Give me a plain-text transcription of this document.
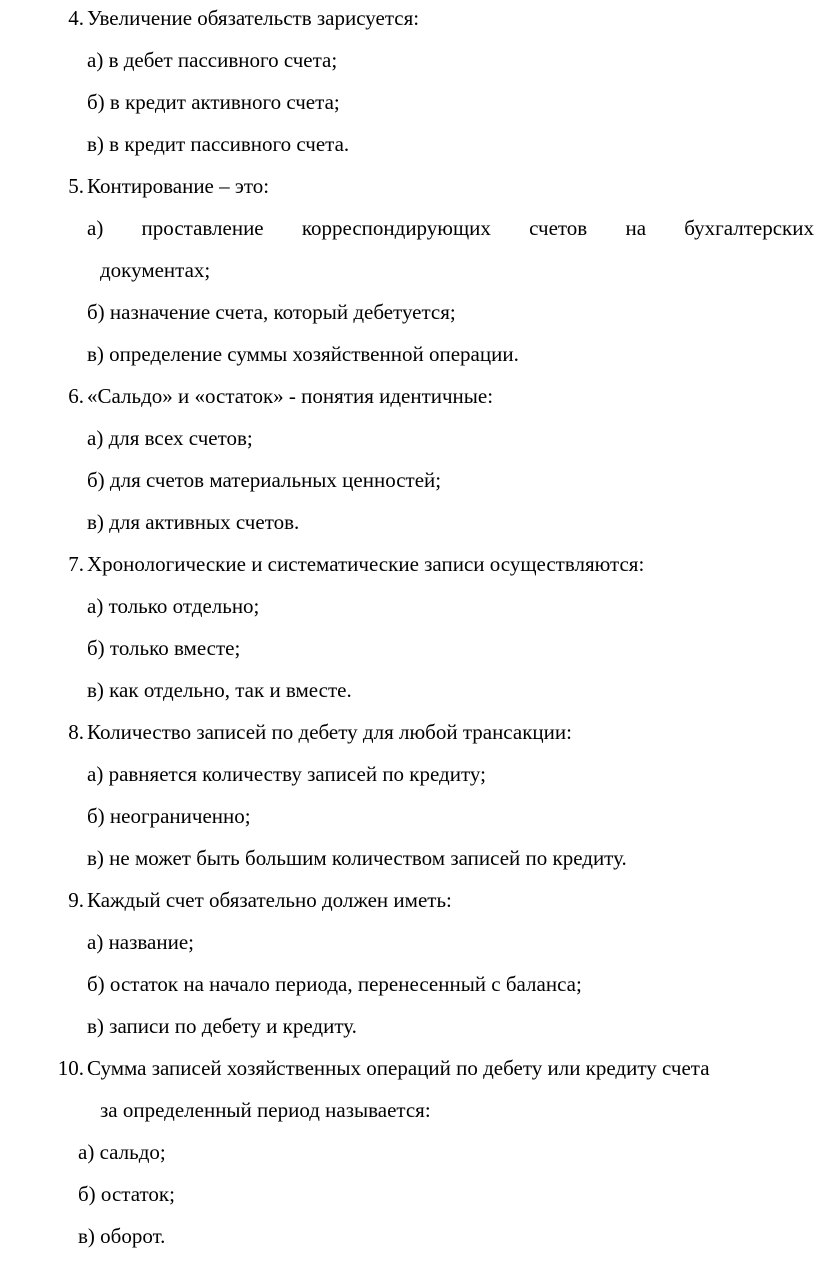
4. Увеличение обязательств зарисуется:
а) в дебет пассивного счета;
б) в кредит активного счета;
в) в кредит пассивного счета.
5. Контирование – это:
а) проставление корреспондирующих счетов на бухгалтерских
документах;
б) назначение счета, который дебетуется;
в) определение суммы хозяйственной операции.
6. «Сальдо» и «остаток» - понятия идентичные:
а) для всех счетов;
б) для счетов материальных ценностей;
в) для активных счетов.
7. Хронологические и систематические записи осуществляются:
а) только отдельно;
б) только вместе;
в) как отдельно, так и вместе.
8. Количество записей по дебету для любой трансакции:
а) равняется количеству записей по кредиту;
б) неограниченно;
в) не может быть большим количеством записей по кредиту.
9. Каждый счет обязательно должен иметь:
а) название;
б) остаток на начало периода, перенесенный с баланса;
в) записи по дебету и кредиту.
10. Сумма записей хозяйственных операций по дебету или кредиту счета
за определенный период называется:
а) сальдо;
б) остаток;
в) оборот.
